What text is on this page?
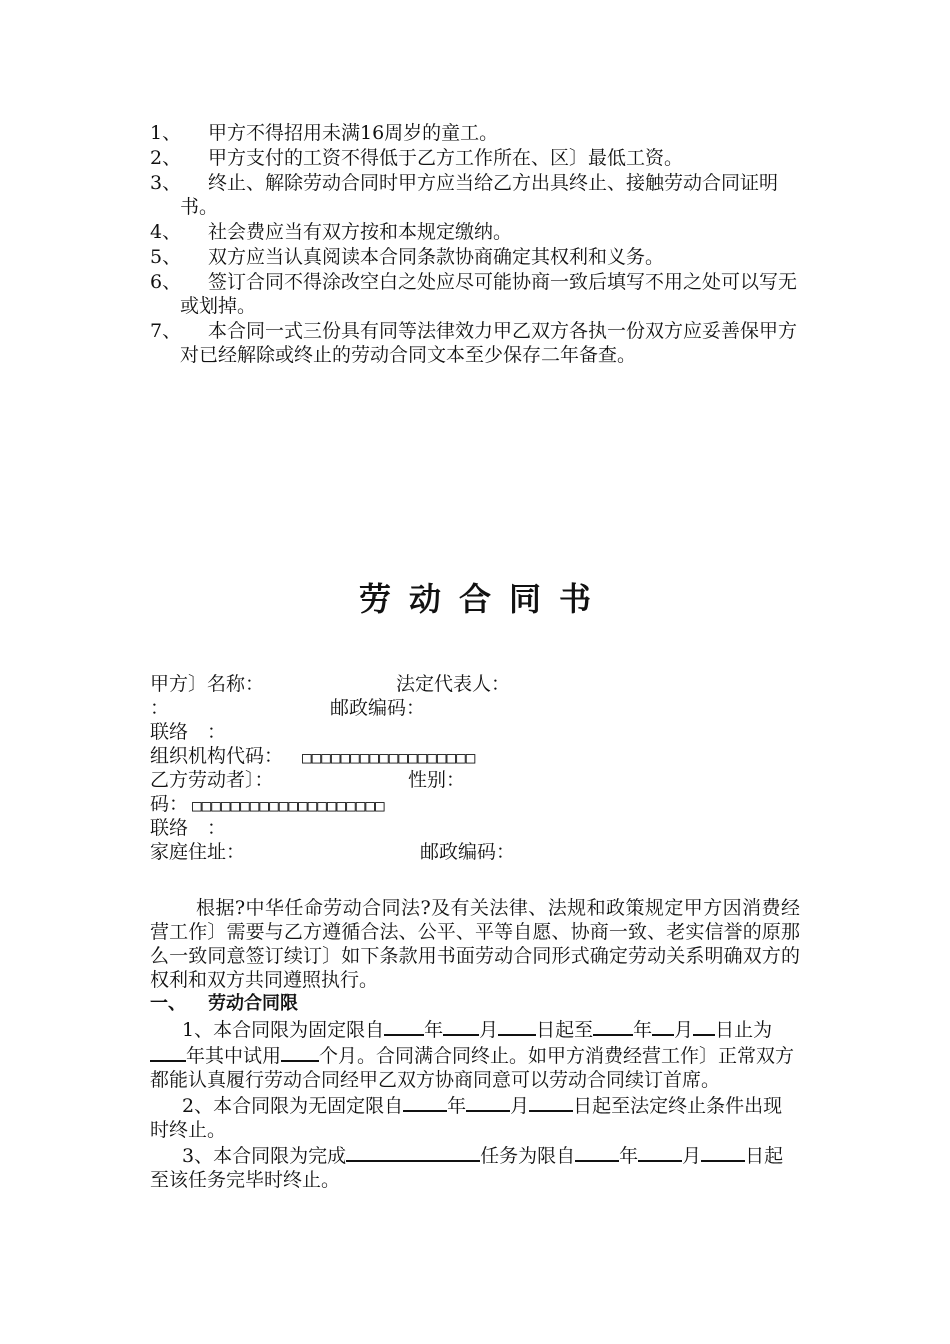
1、	甲方不得招用未满16周岁的童工。
2、	甲方支付的工资不得低于乙方工作所在、区〕最低工资。
3、	终止、解除劳动合同时甲方应当给乙方出具终止、接触劳动合同证明书。
4、	社会费应当有双方按和本规定缴纳。
5、	双方应当认真阅读本合同条款协商确定其权利和义务。
6、	签订合同不得涂改空白之处应尽可能协商一致后填写不用之处可以写无或划掉。
7、	本合同一式三份具有同等法律效力甲乙双方各执一份双方应妥善保甲方对已经解除或终止的劳动合同文本至少保存二年备查。
劳动合同书
甲方〕名称：	法定代表人：
：	邮政编码：
联络　：
组织机构代码： □□□□□□□□□□□□□□□□□□
乙方劳动者〕：	性别：
码： □□□□□□□□□□□□□□□□□□□□
联络　：
家庭住址：	邮政编码：

根据?中华任命劳动合同法?及有关法律、法规和政策规定甲方因消费经营工作〕需要与乙方遵循合法、公平、平等自愿、协商一致、老实信誉的原那么一致同意签订续订〕如下条款用书面劳动合同形式确定劳动关系明确双方的权利和双方共同遵照执行。

一、 劳动合同限

1、本合同限为固定限自 年 月 日起至 年 月 日止为年其中试用 个月。合同满合同终止。如甲方消费经营工作〕正常双方都能认真履行劳动合同经甲乙双方协商同意可以劳动合同续订首席。

2、本合同限为无固定限自 年 月 日起至法定终止条件出现时终止。

3、本合同限为完成	任务为限自 年 月 日起至该任务完毕时终止。
